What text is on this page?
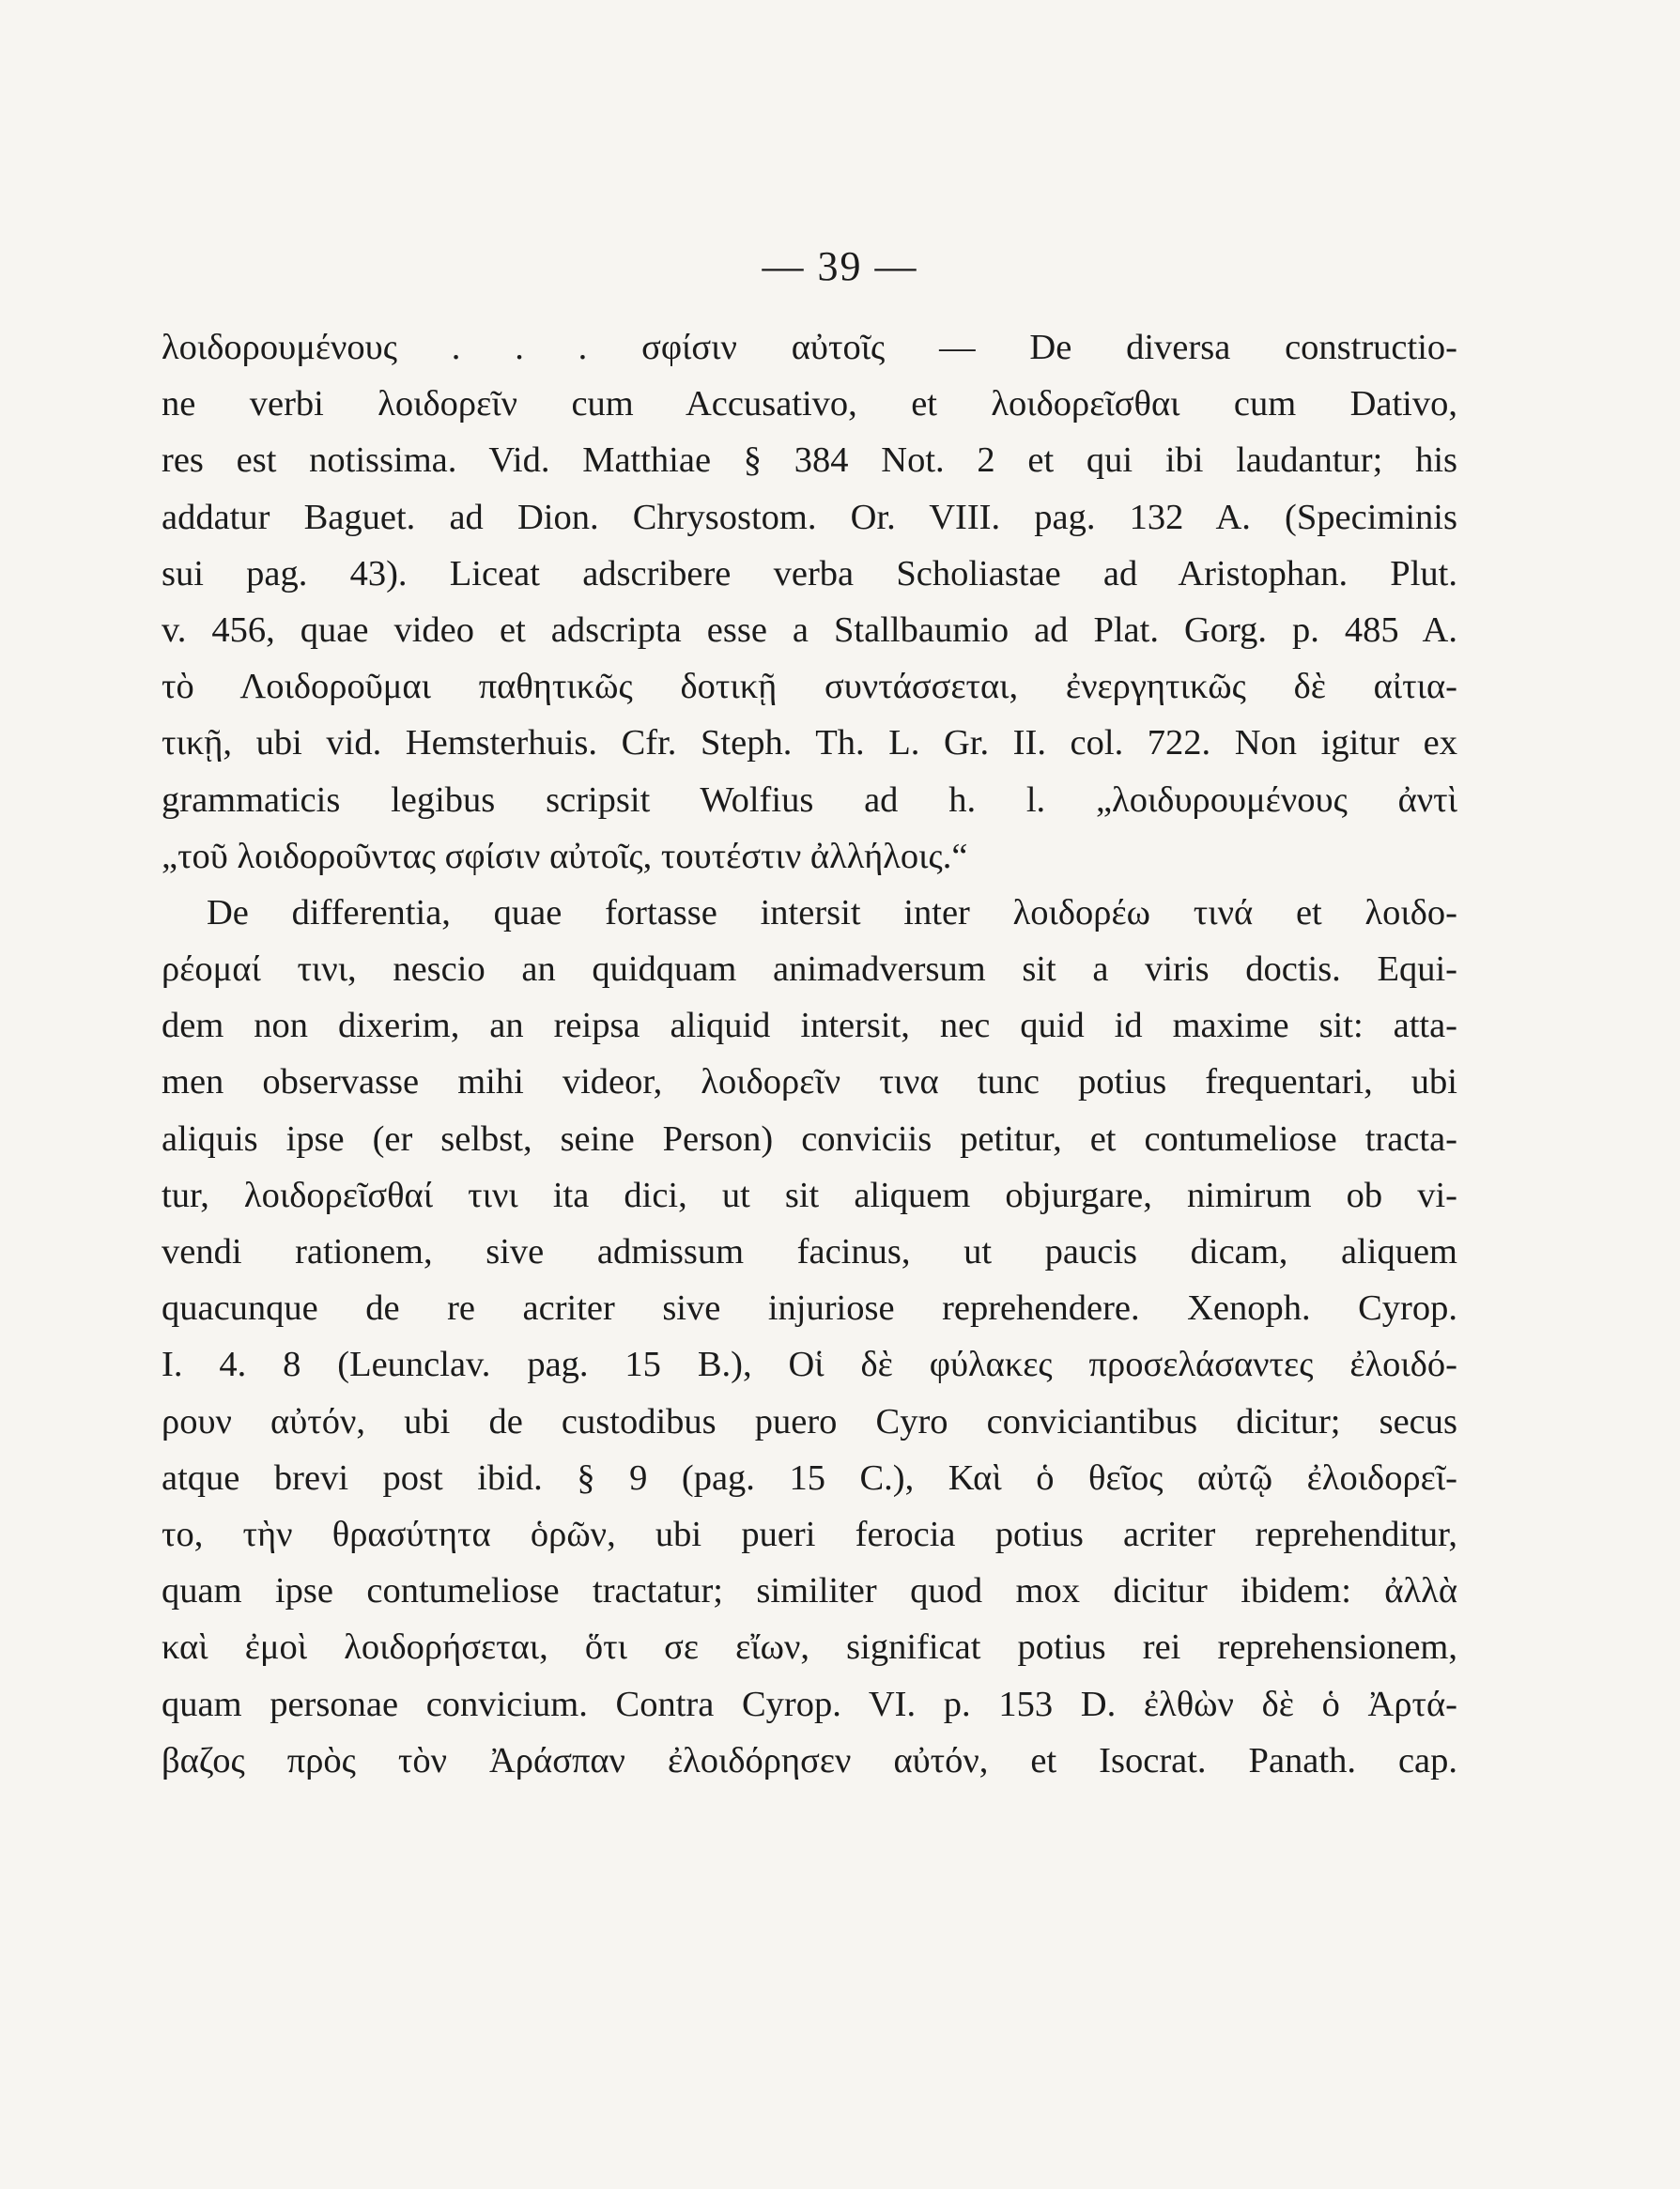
— 39 —
λοιδορουμένους . . . σφίσιν αὐτοῖς — De diversa constructio-
ne verbi λοιδορεῖν cum Accusativo, et λοιδορεῖσθαι cum Dativo,
res est notissima. Vid. Matthiae § 384 Not. 2 et qui ibi laudantur; his
addatur Baguet. ad Dion. Chrysostom. Or. VIII. pag. 132 A. (Speciminis
sui pag. 43). Liceat adscribere verba Scholiastae ad Aristophan. Plut.
v. 456, quae video et adscripta esse a Stallbaumio ad Plat. Gorg. p. 485 A.
τὸ Λοιδοροῦμαι παθητικῶς δοτικῇ συντάσσεται, ἐνεργητικῶς δὲ αἰτια-
τικῇ, ubi vid. Hemsterhuis. Cfr. Steph. Th. L. Gr. II. col. 722. Non igitur ex
grammaticis legibus scripsit Wolfius ad h. l. „λοιδυρουμένους ἀντὶ
„τοῦ λοιδοροῦντας σφίσιν αὐτοῖς, τουτέστιν ἀλλήλοις.“
De differentia, quae fortasse intersit inter λοιδορέω τινά et λοιδο-
ρέομαί τινι, nescio an quidquam animadversum sit a viris doctis. Equi-
dem non dixerim, an reipsa aliquid intersit, nec quid id maxime sit: atta-
men observasse mihi videor, λοιδορεῖν τινα tunc potius frequentari, ubi
aliquis ipse (er selbst, seine Person) conviciis petitur, et contumeliose tracta-
tur, λοιδορεῖσθαί τινι ita dici, ut sit aliquem objurgare, nimirum ob vi-
vendi rationem, sive admissum facinus, ut paucis dicam, aliquem
quacunque de re acriter sive injuriose reprehendere. Xenoph. Cyrop.
I. 4. 8 (Leunclav. pag. 15 B.), Οἱ δὲ φύλακες προσελάσαντες ἐλοιδό-
ρουν αὐτόν, ubi de custodibus puero Cyro conviciantibus dicitur; secus
atque brevi post ibid. § 9 (pag. 15 C.), Καὶ ὁ θεῖος αὐτῷ ἐλοιδορεῖ-
το, τὴν θρασύτητα ὁρῶν, ubi pueri ferocia potius acriter reprehenditur,
quam ipse contumeliose tractatur; similiter quod mox dicitur ibidem: ἀλλὰ
καὶ ἐμοὶ λοιδορήσεται, ὅτι σε εἴων, significat potius rei reprehensionem,
quam personae convicium. Contra Cyrop. VI. p. 153 D. ἐλθὼν δὲ ὁ Ἀρτά-
βαζος πρὸς τὸν Ἀράσπαν ἐλοιδόρησεν αὐτόν, et Isocrat. Panath. cap.
